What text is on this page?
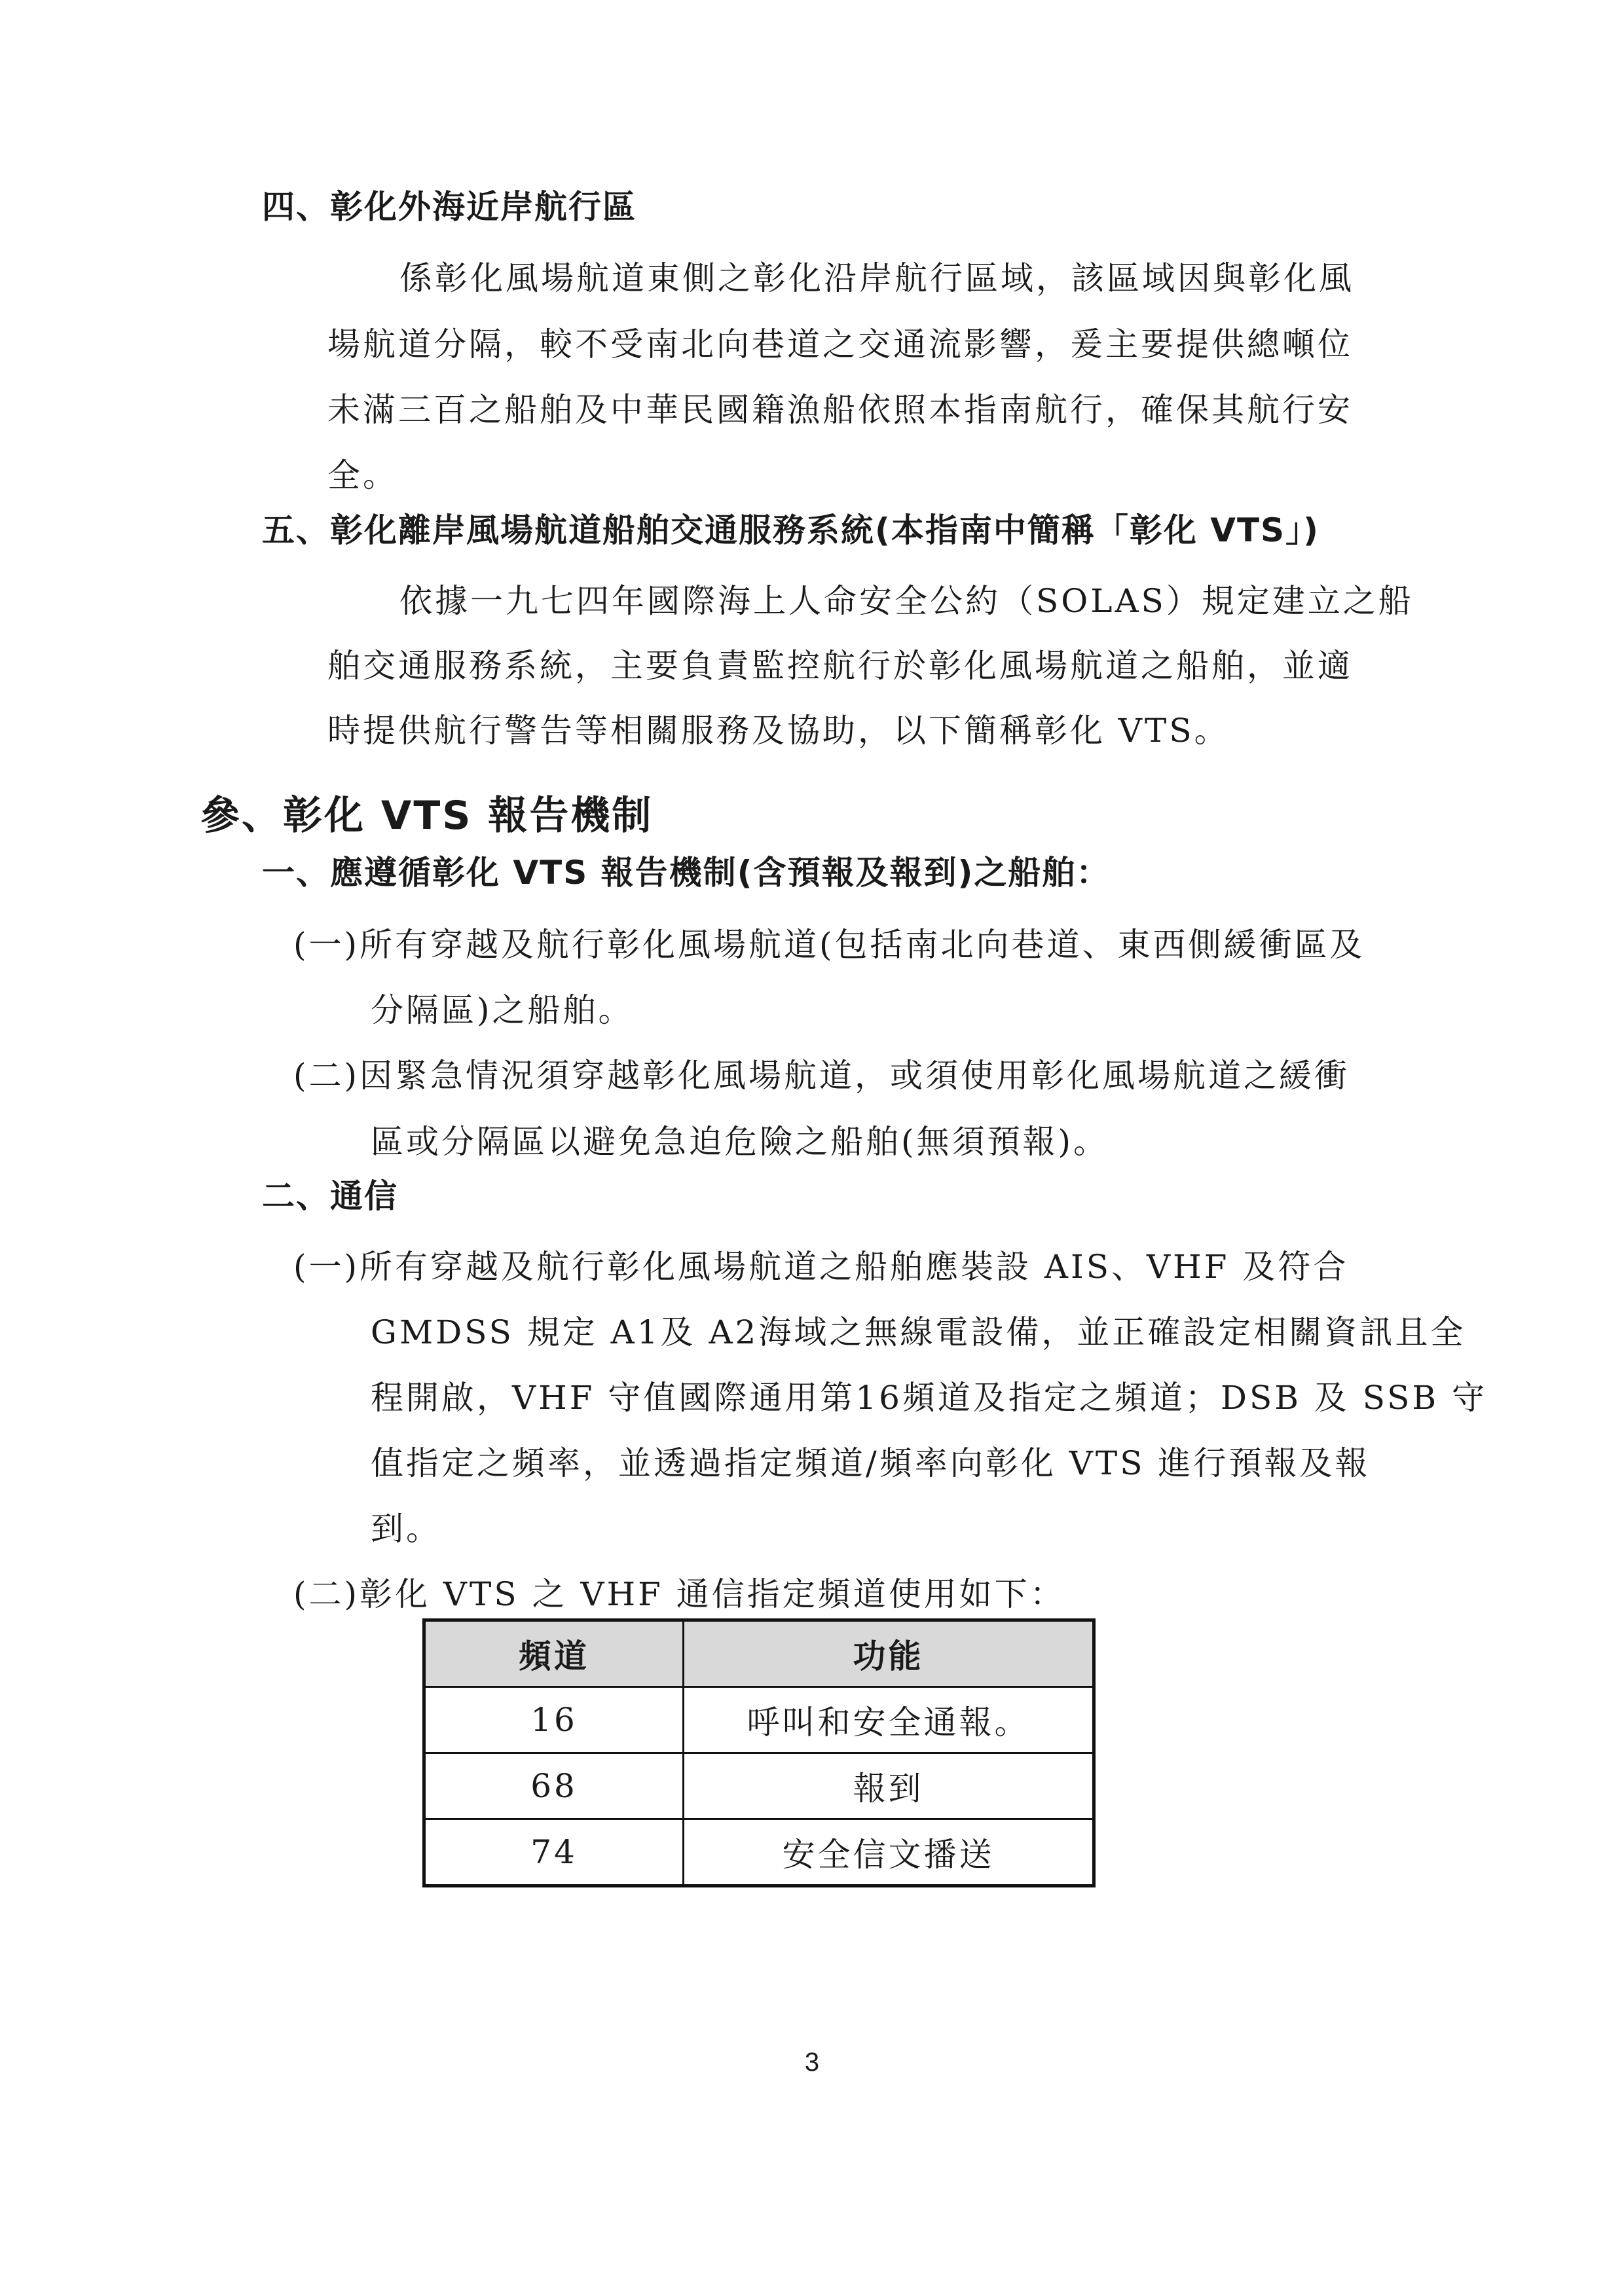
四、彰化外海近岸航行區
係彰化風場航道東側之彰化沿岸航行區域，該區域因與彰化風
場航道分隔，較不受南北向巷道之交通流影響，爰主要提供總噸位
未滿三百之船舶及中華民國籍漁船依照本指南航行，確保其航行安
全。
五、彰化離岸風場航道船舶交通服務系統(本指南中簡稱「彰化 VTS」)
依據一九七四年國際海上人命安全公約（SOLAS）規定建立之船
舶交通服務系統，主要負責監控航行於彰化風場航道之船舶，並適
時提供航行警告等相關服務及協助，以下簡稱彰化 VTS。
參、彰化 VTS 報告機制
一、應遵循彰化 VTS 報告機制(含預報及報到)之船舶：
(一)所有穿越及航行彰化風場航道(包括南北向巷道、東西側緩衝區及
分隔區)之船舶。
(二)因緊急情況須穿越彰化風場航道，或須使用彰化風場航道之緩衝
區或分隔區以避免急迫危險之船舶(無須預報)。
二、通信
(一)所有穿越及航行彰化風場航道之船舶應裝設 AIS、VHF 及符合
GMDSS 規定 A1及 A2海域之無線電設備，並正確設定相關資訊且全
程開啟，VHF 守值國際通用第16頻道及指定之頻道；DSB 及 SSB 守
值指定之頻率，並透過指定頻道/頻率向彰化 VTS 進行預報及報
到。
(二)彰化 VTS 之 VHF 通信指定頻道使用如下：
頻道	功能
16	呼叫和安全通報。
68	報到
74	安全信文播送
3
